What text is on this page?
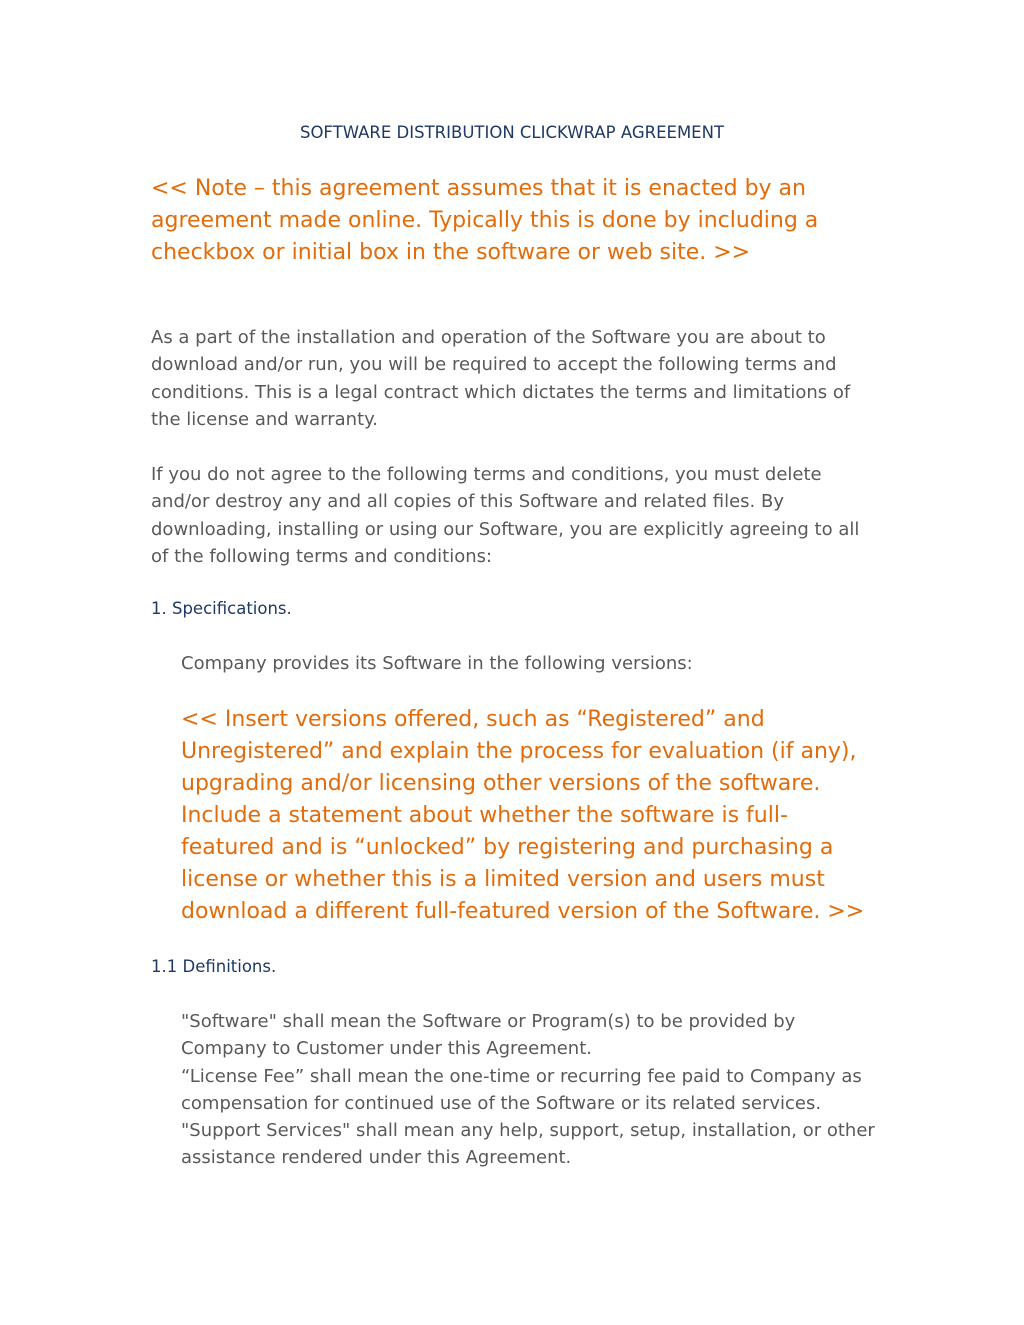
SOFTWARE DISTRIBUTION CLICKWRAP AGREEMENT
<< Note – this agreement assumes that it is enacted by an agreement made online. Typically this is done by including a checkbox or initial box in the software or web site. >>
As a part of the installation and operation of the Software you are about to download and/or run, you will be required to accept the following terms and conditions. This is a legal contract which dictates the terms and limitations of the license and warranty.
If you do not agree to the following terms and conditions, you must delete and/or destroy any and all copies of this Software and related files. By downloading, installing or using our Software, you are explicitly agreeing to all of the following terms and conditions:
1. Specifications.
Company provides its Software in the following versions:
<< Insert versions offered, such as “Registered” and Unregistered” and explain the process for evaluation (if any), upgrading and/or licensing other versions of the software. Include a statement about whether the software is full-featured and is “unlocked” by registering and purchasing a license or whether this is a limited version and users must download a different full-featured version of the Software. >>
1.1 Definitions.

"Software" shall mean the Software or Program(s) to be provided by Company to Customer under this Agreement.

“License Fee” shall mean the one-time or recurring fee paid to Company as compensation for continued use of the Software or its related services.

"Support Services" shall mean any help, support, setup, installation, or other assistance rendered under this Agreement.
